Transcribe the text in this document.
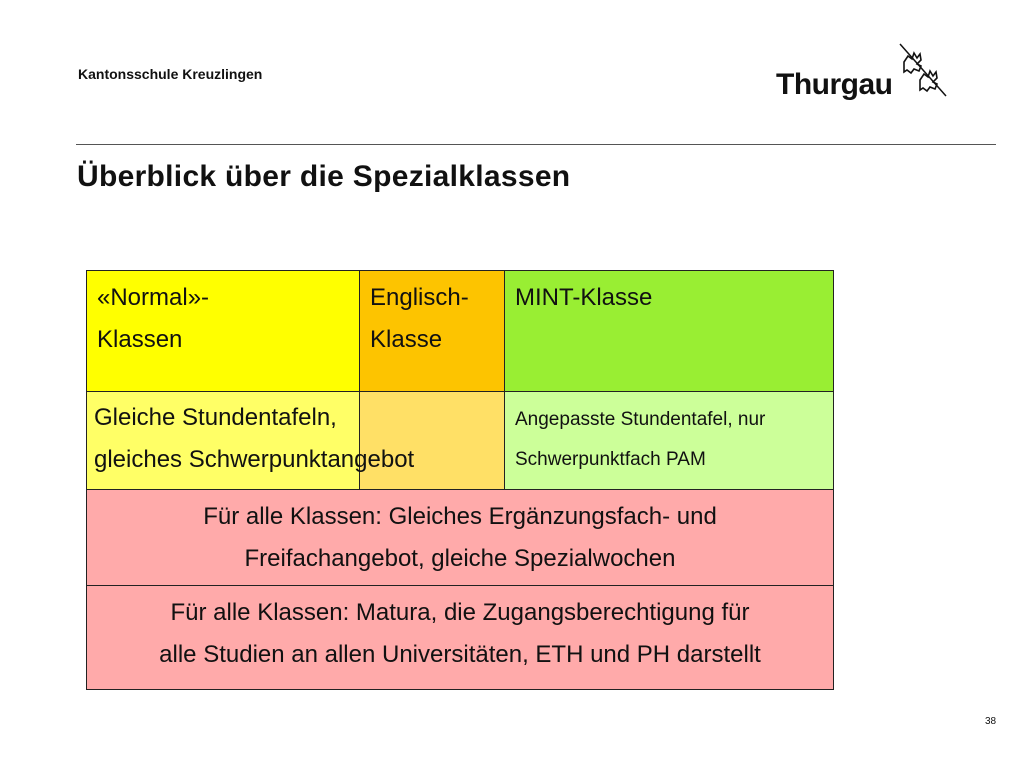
Kantonsschule Kreuzlingen	Thurgau
Überblick über die Spezialklassen
«Normal»-
Klassen
Englisch-
Klasse
MINT-Klasse
Gleiche Stundentafeln,
gleiches Schwerpunktangebot
Angepasste Stundentafel, nur
Schwerpunktfach PAM
Für alle Klassen: Gleiches Ergänzungsfach- und
Freifachangebot, gleiche Spezialwochen
Für alle Klassen: Matura, die Zugangsberechtigung für
alle Studien an allen Universitäten, ETH und PH darstellt
38
